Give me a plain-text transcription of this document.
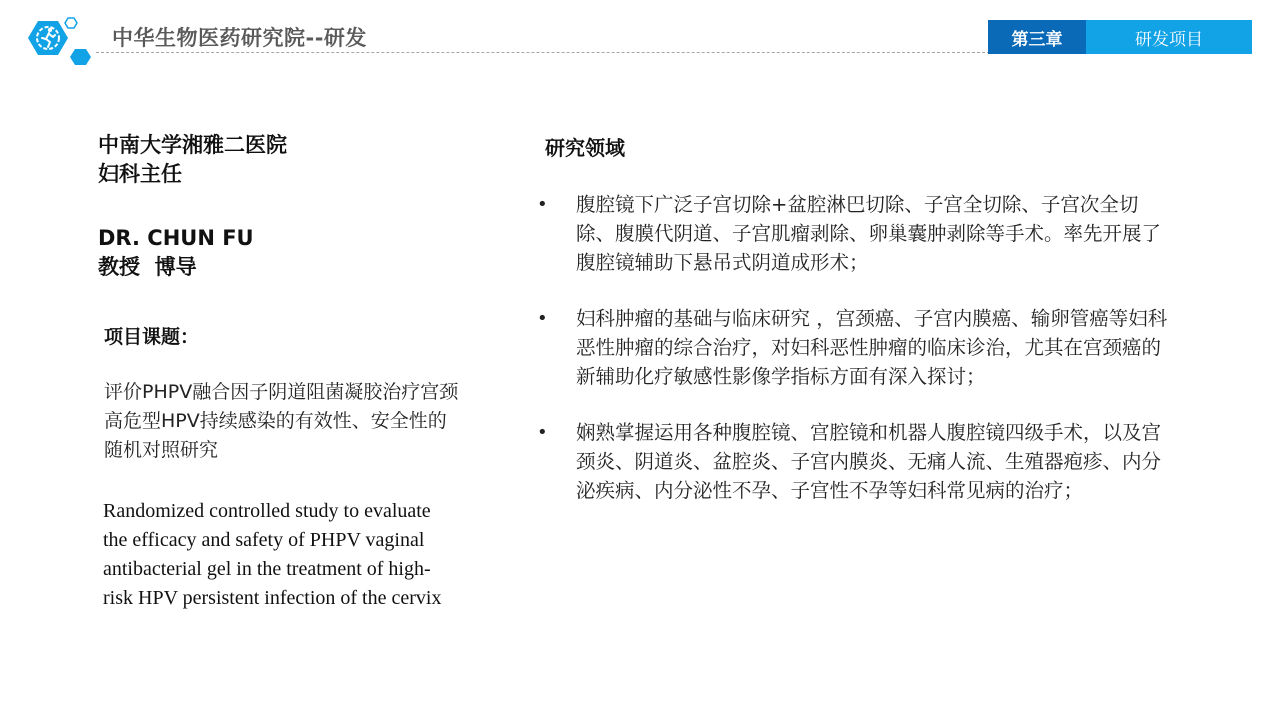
中华生物医药研究院--研发	第三章	研发项目
中南大学湘雅二医院
妇科主任
DR. CHUN FU
教授  博导
项目课题：
评价PHPV融合因子阴道阻菌凝胶治疗宫颈高危型HPV持续感染的有效性、安全性的随机对照研究
Randomized controlled study to evaluate the efficacy and safety of PHPV vaginal antibacterial gel in the treatment of high-risk HPV persistent infection of the cervix
研究领域
• 腹腔镜下广泛子宫切除+盆腔淋巴切除、子宫全切除、子宫次全切除、腹膜代阴道、子宫肌瘤剥除、卵巢囊肿剥除等手术。率先开展了腹腔镜辅助下悬吊式阴道成形术；
• 妇科肿瘤的基础与临床研究 ，宫颈癌、子宫内膜癌、输卵管癌等妇科恶性肿瘤的综合治疗，对妇科恶性肿瘤的临床诊治，尤其在宫颈癌的新辅助化疗敏感性影像学指标方面有深入探讨；
• 娴熟掌握运用各种腹腔镜、宫腔镜和机器人腹腔镜四级手术，以及宫颈炎、阴道炎、盆腔炎、子宫内膜炎、无痛人流、生殖器疱疹、内分泌疾病、内分泌性不孕、子宫性不孕等妇科常见病的治疗；
